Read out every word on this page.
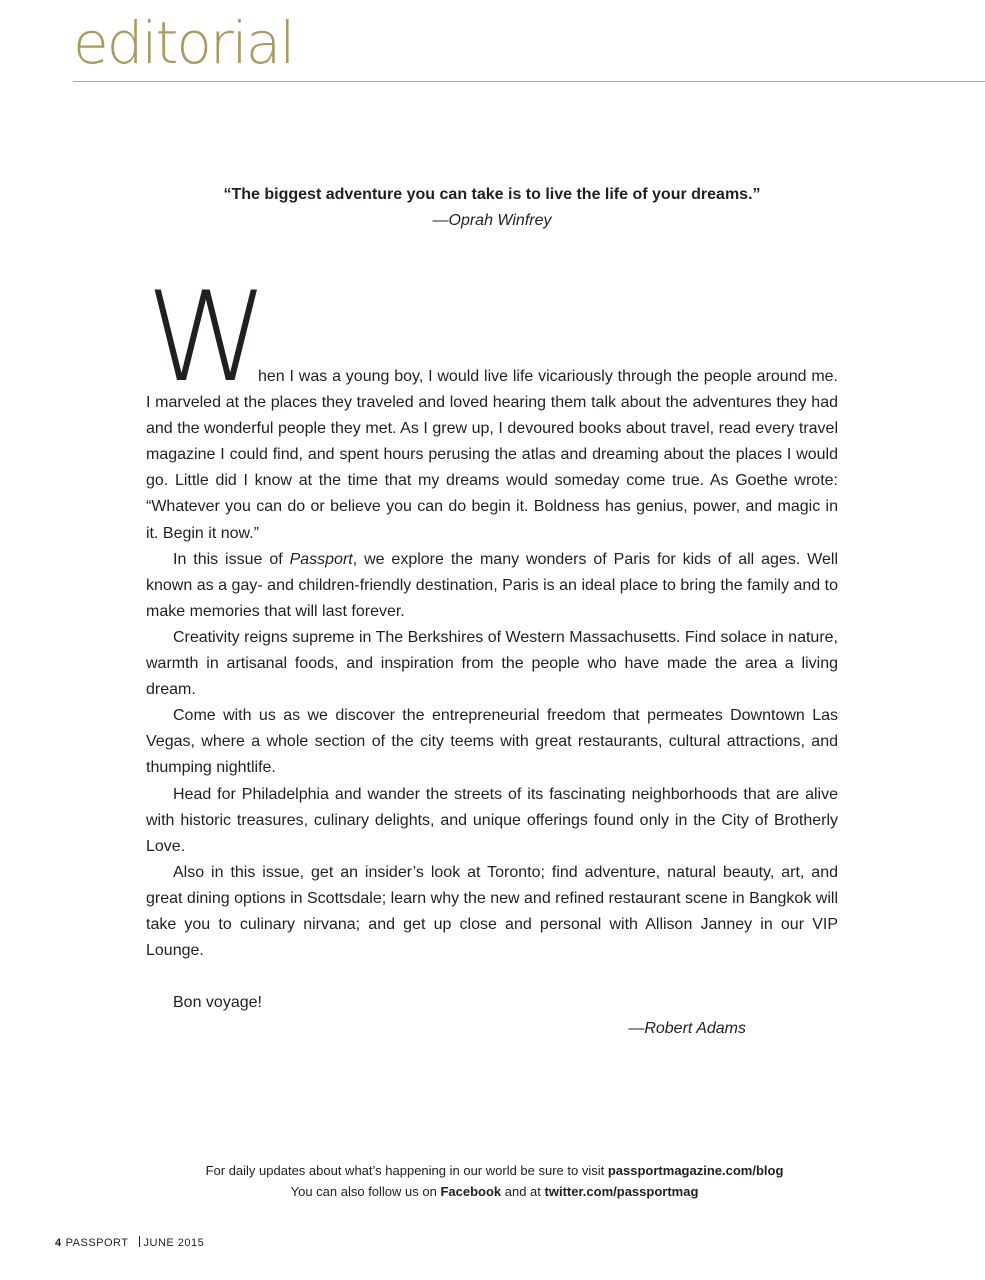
editorial
“The biggest adventure you can take is to live the life of your dreams.”
—Oprah Winfrey

W
hen I was a young boy, I would live life vicariously through the people around me. I marveled at the places they traveled and loved hearing them talk about the adventures they had and the wonderful people they met. As I grew up, I devoured books about travel, read every travel magazine I could find, and spent hours perusing the atlas and dreaming about the places I would go. Little did I know at the time that my dreams would someday come true. As Goethe wrote: “Whatever you can do or believe you can do begin it. Boldness has genius, power, and magic in it. Begin it now.”

In this issue of Passport, we explore the many wonders of Paris for kids of all ages. Well known as a gay- and children-friendly destination, Paris is an ideal place to bring the family and to make memories that will last forever.

Creativity reigns supreme in The Berkshires of Western Massachusetts. Find solace in nature, warmth in artisanal foods, and inspiration from the people who have made the area a living dream.

Come with us as we discover the entrepreneurial freedom that permeates Downtown Las Vegas, where a whole section of the city teems with great restaurants, cultural attractions, and thumping nightlife.

Head for Philadelphia and wander the streets of its fascinating neighborhoods that are alive with historic treasures, culinary delights, and unique offerings found only in the City of Brotherly Love.

Also in this issue, get an insider’s look at Toronto; find adventure, natural beauty, art, and great dining options in Scottsdale; learn why the new and refined restaurant scene in Bangkok will take you to culinary nirvana; and get up close and personal with Allison Janney in our VIP Lounge.

Bon voyage!

—Robert Adams

For daily updates about what’s happening in our world be sure to visit passportmagazine.com/blog
You can also follow us on Facebook and at twitter.com/passportmag
4 PASSPORT JUNE 2015
